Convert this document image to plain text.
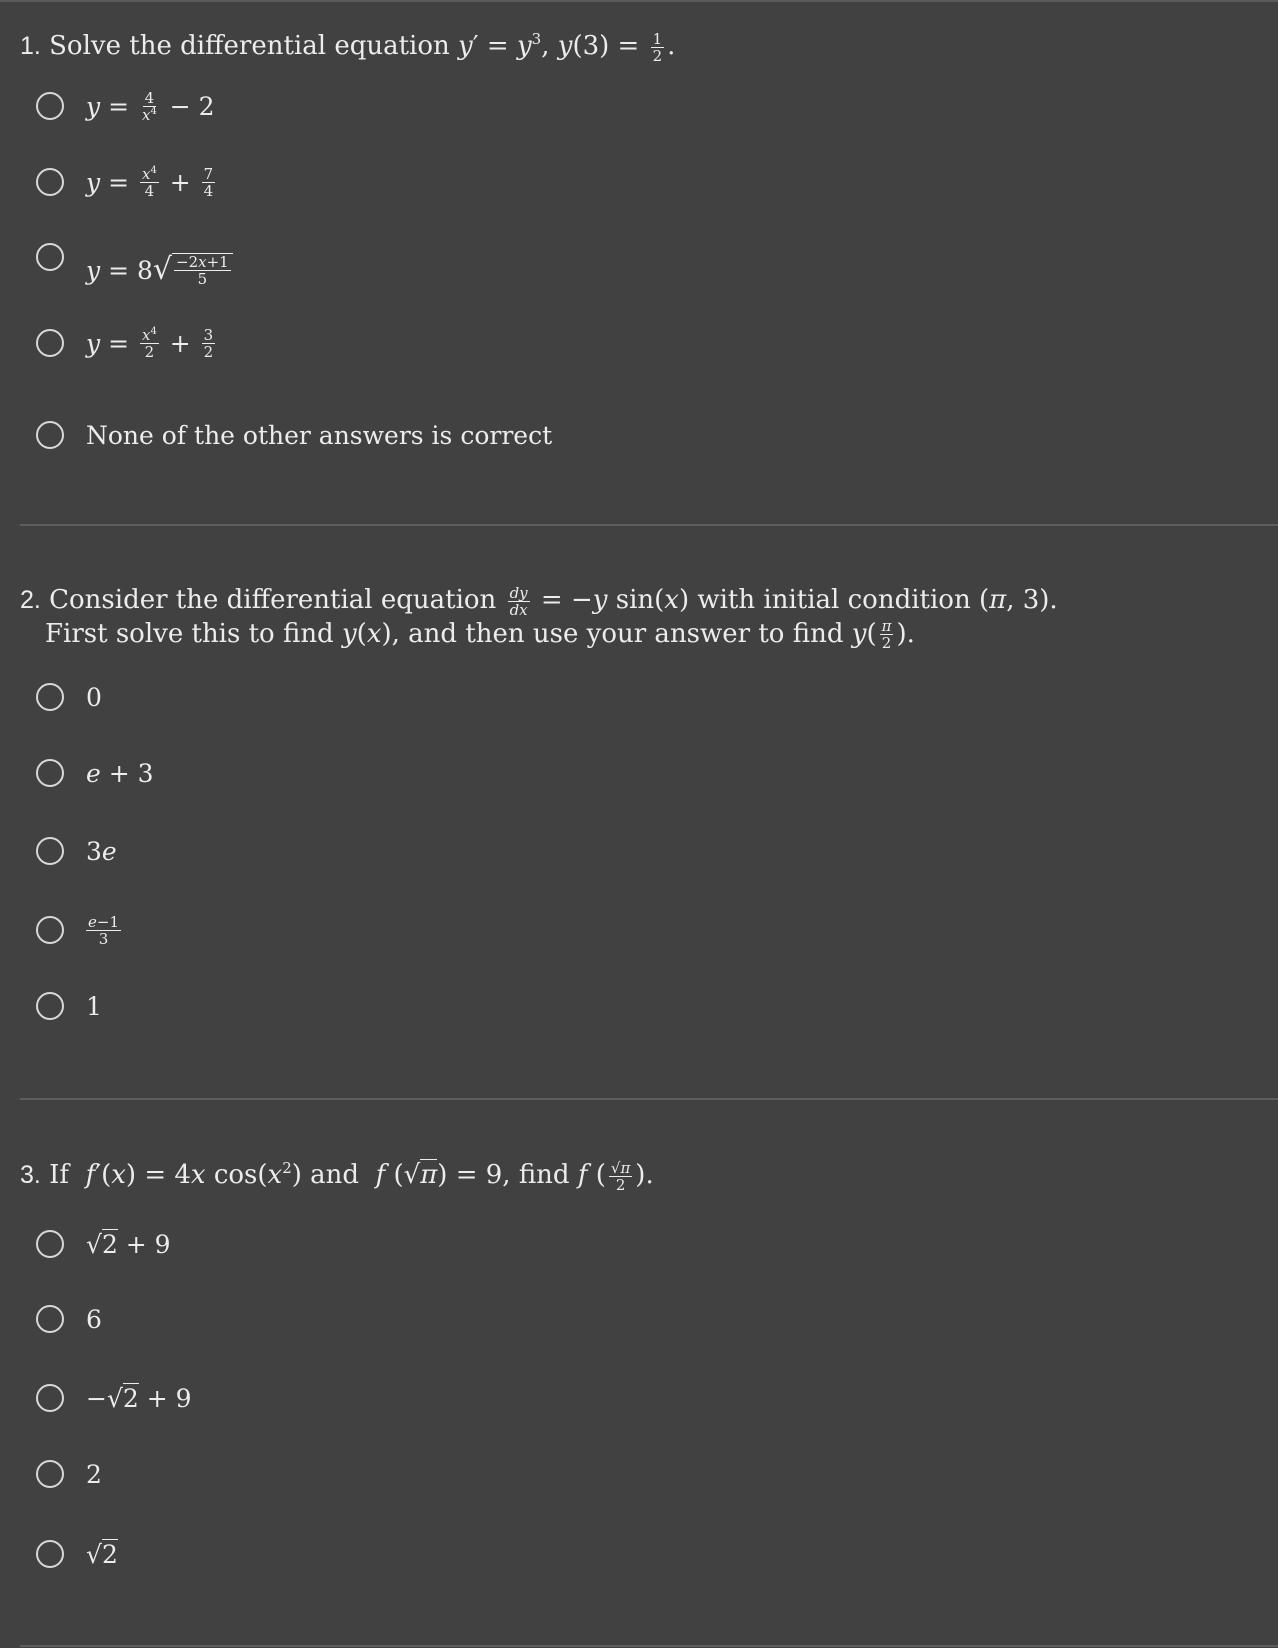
1. Solve the differential equation $y' = y^3$, $y(3) = \frac{1}{2}$ .
$y = \frac{4}{x^4} - 2$
$y = \frac{x^4}{4} + \frac{7}{4}$
y = 8 √ $\frac{-2x+1}{5}$
$y = \frac{x^4}{2} + \frac{3}{2}$
None of the other answers is correct
2. Consider the differential equation $\frac{dy}{dx} = -y$ sin(x) with initial condition (π, 3).
First solve this to find y(x), and then use your answer to find $y( \frac{\pi}{2}$ ).
0
e + 3
3 e
$\frac{e-1}{3}$
1
3. If f′(x) = 4x $\cos(x^2)$ and  f (√π) = 9, find f ( $\frac{√\pi}{2}$ ).
√ 2 + 9
6
−√ 2 + 9
2
√ 2
